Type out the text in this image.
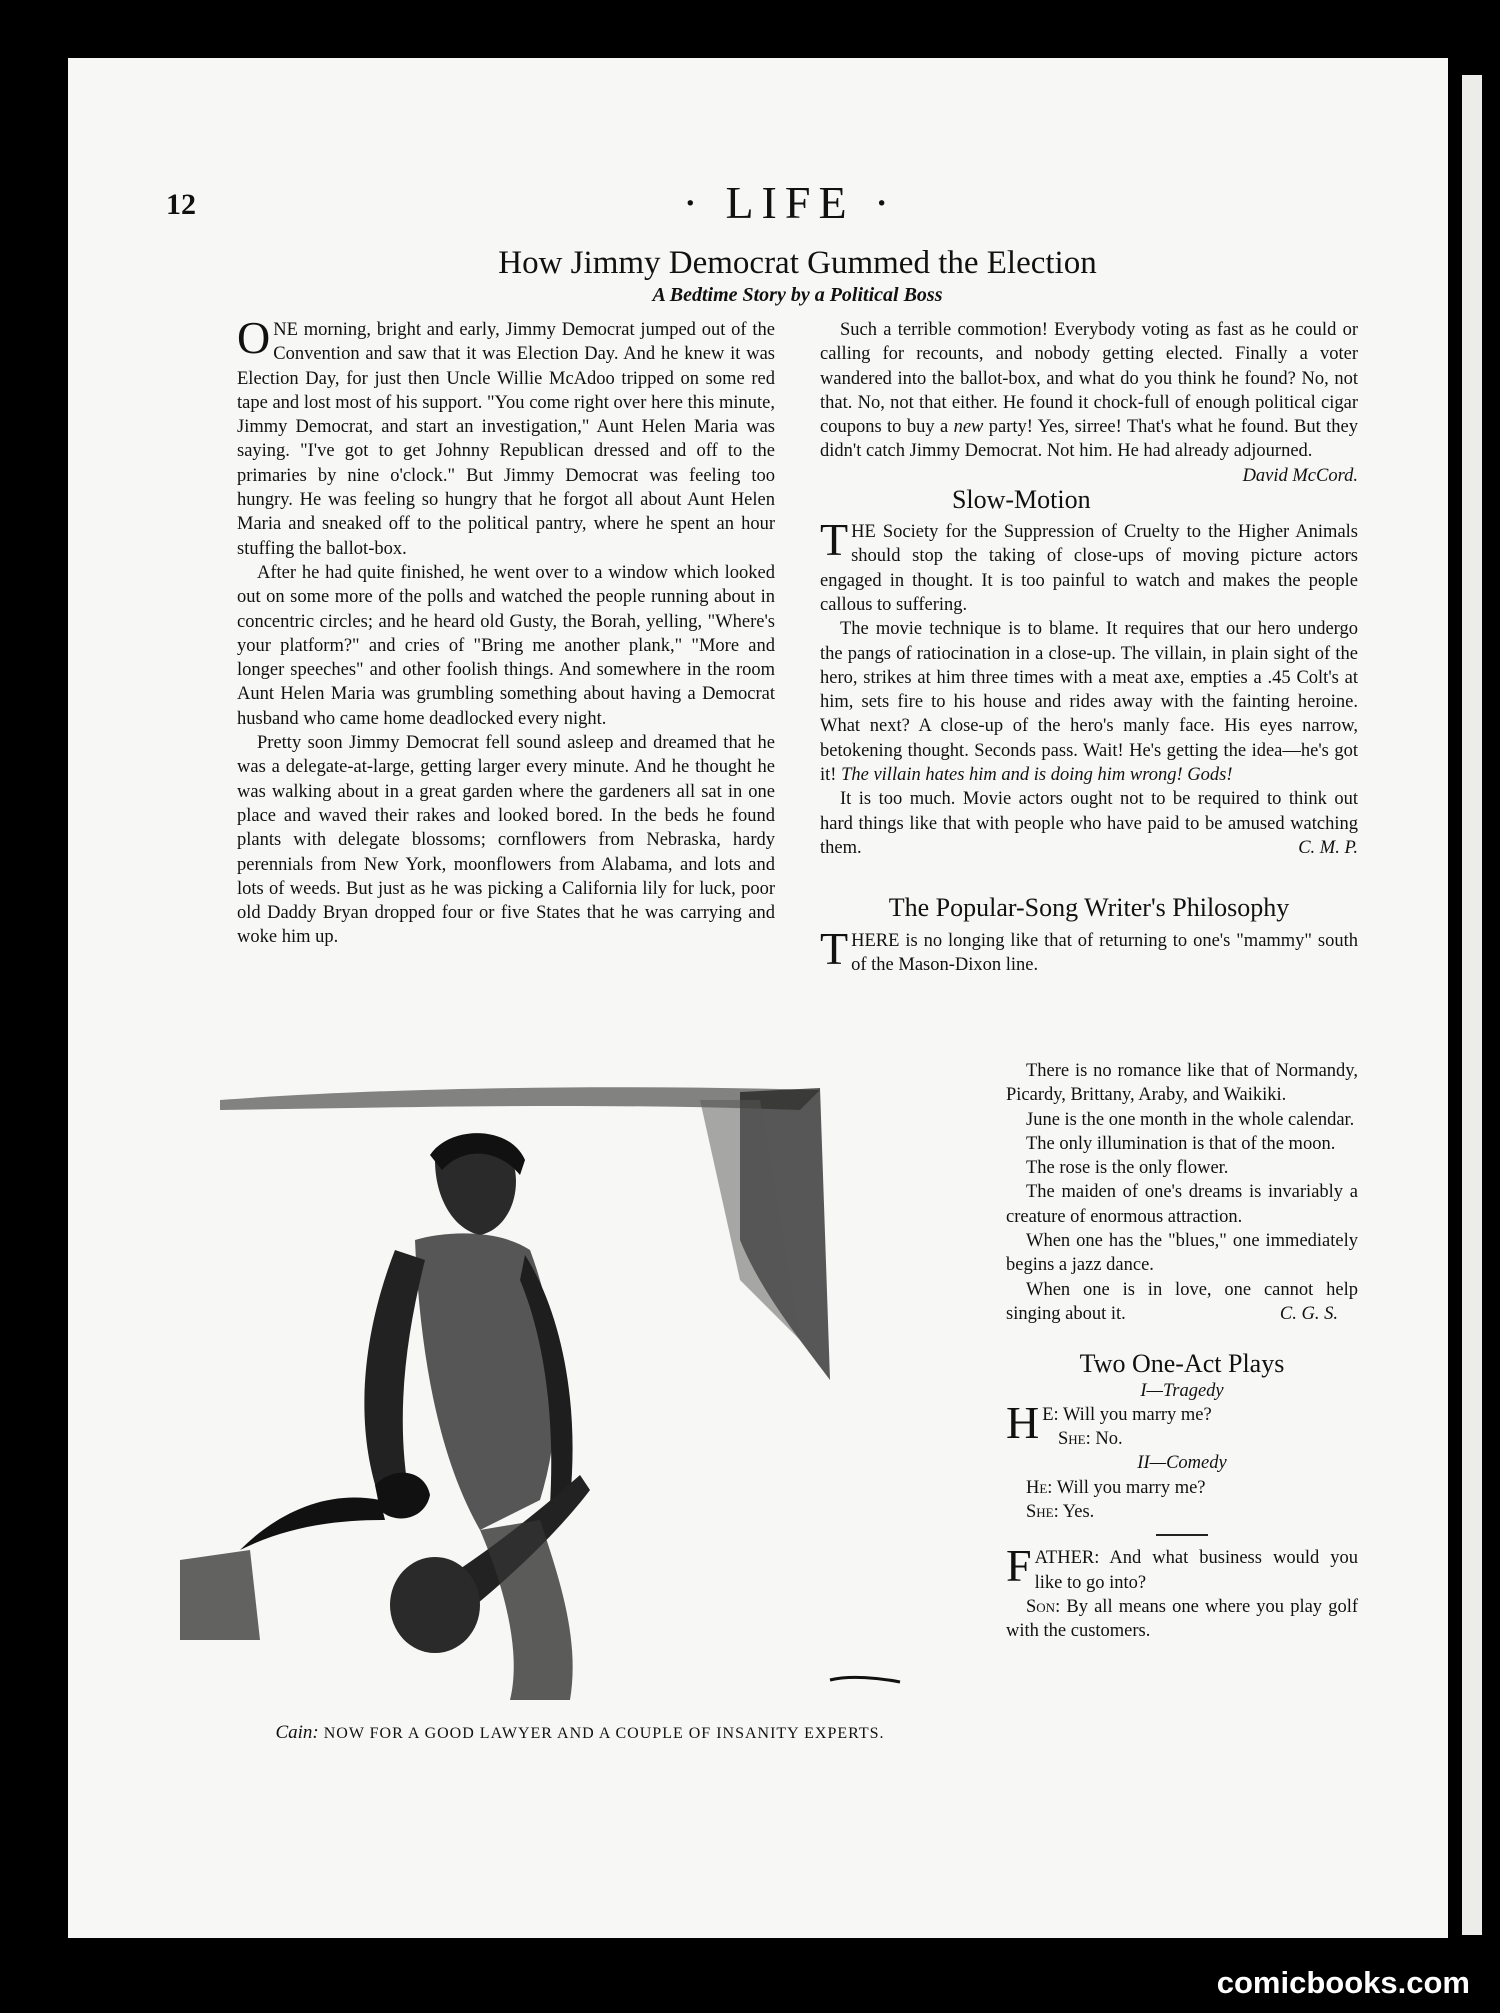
12	· LIFE ·
How Jimmy Democrat Gummed the Election
A Bedtime Story by a Political Boss

ONE morning, bright and early, Jimmy Democrat jumped out of the Convention and saw that it was Election Day. And he knew it was Election Day, for just then Uncle Willie McAdoo tripped on some red tape and lost most of his support. "You come right over here this minute, Jimmy Democrat, and start an investigation," Aunt Helen Maria was saying. "I've got to get Johnny Republican dressed and off to the primaries by nine o'clock." But Jimmy Democrat was feeling too hungry. He was feeling so hungry that he forgot all about Aunt Helen Maria and sneaked off to the political pantry, where he spent an hour stuffing the ballot-box.

After he had quite finished, he went over to a window which looked out on some more of the polls and watched the people running about in concentric circles; and he heard old Gusty, the Borah, yelling, "Where's your platform?" and cries of "Bring me another plank," "More and longer speeches" and other foolish things. And somewhere in the room Aunt Helen Maria was grumbling something about having a Democrat husband who came home deadlocked every night.

Pretty soon Jimmy Democrat fell sound asleep and dreamed that he was a delegate-at-large, getting larger every minute. And he thought he was walking about in a great garden where the gardeners all sat in one place and waved their rakes and looked bored. In the beds he found plants with delegate blossoms; cornflowers from Nebraska, hardy perennials from New York, moonflowers from Alabama, and lots and lots of weeds. But just as he was picking a California lily for luck, poor old Daddy Bryan dropped four or five States that he was carrying and woke him up.

Such a terrible commotion! Everybody voting as fast as he could or calling for recounts, and nobody getting elected. Finally a voter wandered into the ballot-box, and what do you think he found? No, not that. No, not that either. He found it chock-full of enough political cigar coupons to buy a new party! Yes, sirree! That's what he found. But they didn't catch Jimmy Democrat. Not him. He had already adjourned.
David McCord.

Slow-Motion

THE Society for the Suppression of Cruelty to the Higher Animals should stop the taking of close-ups of moving picture actors engaged in thought. It is too painful to watch and makes the people callous to suffering.

The movie technique is to blame. It requires that our hero undergo the pangs of ratiocination in a close-up. The villain, in plain sight of the hero, strikes at him three times with a meat axe, empties a .45 Colt's at him, sets fire to his house and rides away with the fainting heroine. What next? A close-up of the hero's manly face. His eyes narrow, betokening thought. Seconds pass. Wait! He's getting the idea—he's got it! The villain hates him and is doing him wrong! Gods!

It is too much. Movie actors ought not to be required to think out hard things like that with people who have paid to be amused watching them.	C. M. P.

The Popular-Song Writer's Philosophy

THERE is no longing like that of returning to one's "mammy" south of the Mason-Dixon line.

There is no romance like that of Normandy, Picardy, Brittany, Araby, and Waikiki.

June is the one month in the whole calendar.

The only illumination is that of the moon.

The rose is the only flower.

The maiden of one's dreams is invariably a creature of enormous attraction.

When one has the "blues," one immediately begins a jazz dance.

When one is in love, one cannot help singing about it.	C. G. S.

Two One-Act Plays
I—Tragedy
H E: Will you marry me?
She: No.
II—Comedy
He: Will you marry me?
She: Yes.

FATHER: And what business would you like to go into?

Son: By all means one where you play golf with the customers.

Cain: NOW FOR A GOOD LAWYER AND A COUPLE OF INSANITY EXPERTS.
comicbooks.com
